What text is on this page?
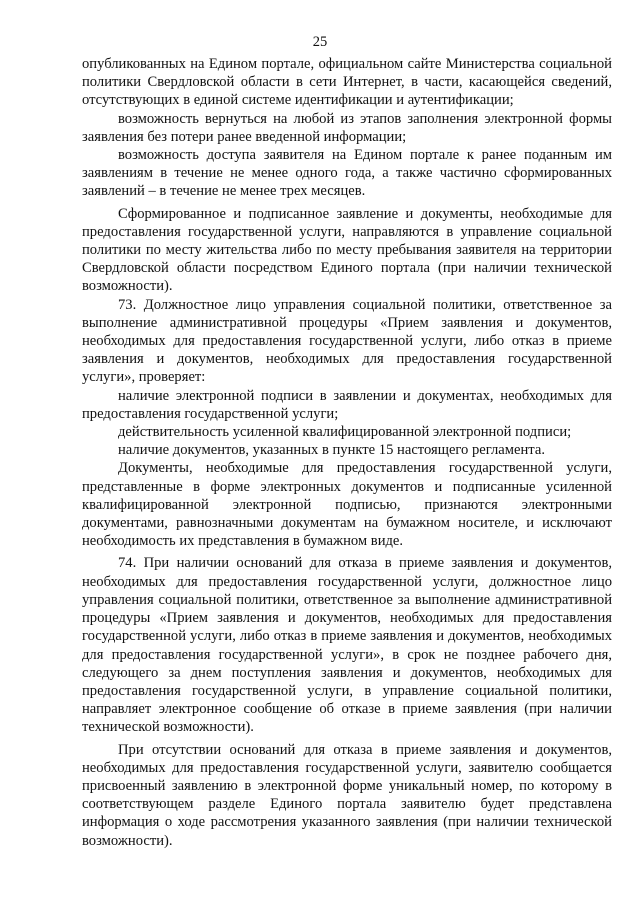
25

опубликованных на Едином портале, официальном сайте Министерства социальной политики Свердловской области в сети Интернет, в части, касающейся сведений, отсутствующих в единой системе идентификации и аутентификации;

возможность вернуться на любой из этапов заполнения электронной формы заявления без потери ранее введенной информации;

возможность доступа заявителя на Едином портале к ранее поданным им заявлениям в течение не менее одного года, а также частично сформированных заявлений – в течение не менее трех месяцев.

Сформированное и подписанное заявление и документы, необходимые для предоставления государственной услуги, направляются в управление социальной политики по месту жительства либо по месту пребывания заявителя на территории Свердловской области посредством Единого портала (при наличии технической возможности).

73. Должностное лицо управления социальной политики, ответственное за выполнение административной процедуры «Прием заявления и документов, необходимых для предоставления государственной услуги, либо отказ в приеме заявления и документов, необходимых для предоставления государственной услуги», проверяет:

наличие электронной подписи в заявлении и документах, необходимых для предоставления государственной услуги;

действительность усиленной квалифицированной электронной подписи;

наличие документов, указанных в пункте 15 настоящего регламента.

Документы, необходимые для предоставления государственной услуги, представленные в форме электронных документов и подписанные усиленной квалифицированной электронной подписью, признаются электронными документами, равнозначными документам на бумажном носителе, и исключают необходимость их представления в бумажном виде.

74. При наличии оснований для отказа в приеме заявления и документов, необходимых для предоставления государственной услуги, должностное лицо управления социальной политики, ответственное за выполнение административной процедуры «Прием заявления и документов, необходимых для предоставления государственной услуги, либо отказ в приеме заявления и документов, необходимых для предоставления государственной услуги», в срок не позднее рабочего дня, следующего за днем поступления заявления и документов, необходимых для предоставления государственной услуги, в управление социальной политики, направляет электронное сообщение об отказе в приеме заявления (при наличии технической возможности).

При отсутствии оснований для отказа в приеме заявления и документов, необходимых для предоставления государственной услуги, заявителю сообщается присвоенный заявлению в электронной форме уникальный номер, по которому в соответствующем разделе Единого портала заявителю будет представлена информация о ходе рассмотрения указанного заявления (при наличии технической возможности).
